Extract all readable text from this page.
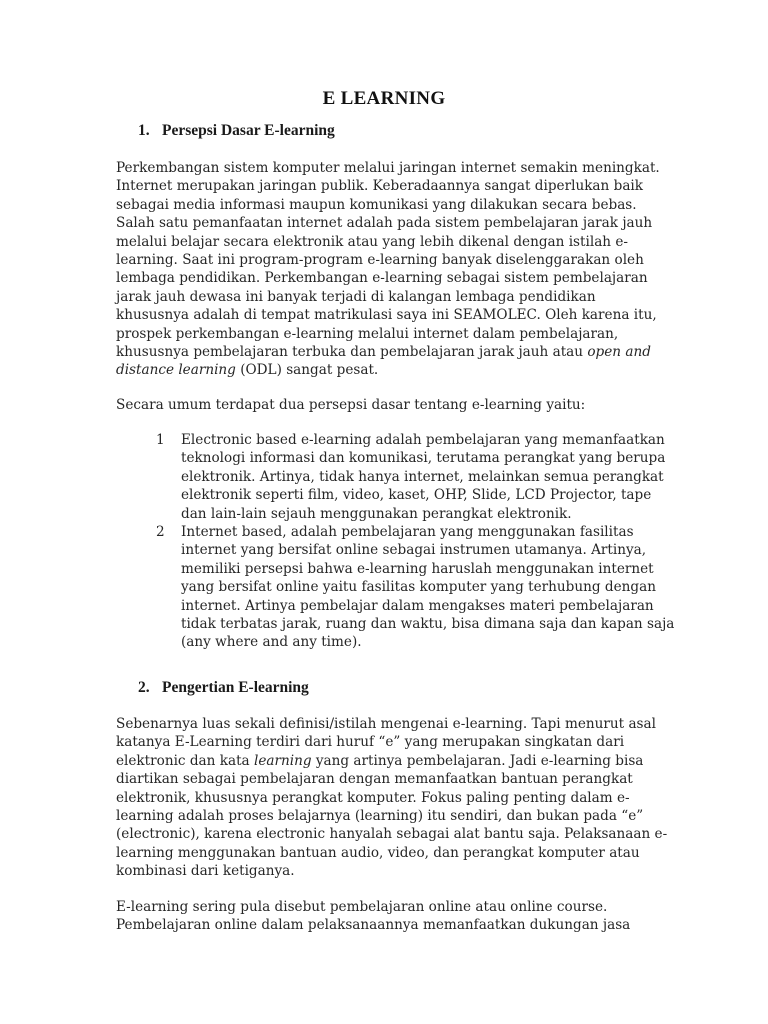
E LEARNING
1. Persepsi Dasar E-learning
Perkembangan sistem komputer melalui jaringan internet semakin meningkat.
Internet merupakan jaringan publik. Keberadaannya sangat diperlukan baik
sebagai media informasi maupun komunikasi yang dilakukan secara bebas.
Salah satu pemanfaatan internet adalah pada sistem pembelajaran jarak jauh
melalui belajar secara elektronik atau yang lebih dikenal dengan istilah e-
learning. Saat ini program-program e-learning banyak diselenggarakan oleh
lembaga pendidikan. Perkembangan e-learning sebagai sistem pembelajaran
jarak jauh dewasa ini banyak terjadi di kalangan lembaga pendidikan
khususnya adalah di tempat matrikulasi saya ini SEAMOLEC. Oleh karena itu,
prospek perkembangan e-learning melalui internet dalam pembelajaran,
khususnya pembelajaran terbuka dan pembelajaran jarak jauh atau open and
distance learning (ODL) sangat pesat.
Secara umum terdapat dua persepsi dasar tentang e-learning yaitu:
1 Electronic based e-learning adalah pembelajaran yang memanfaatkan
teknologi informasi dan komunikasi, terutama perangkat yang berupa
elektronik. Artinya, tidak hanya internet, melainkan semua perangkat
elektronik seperti film, video, kaset, OHP, Slide, LCD Projector, tape
dan lain-lain sejauh menggunakan perangkat elektronik.
2 Internet based, adalah pembelajaran yang menggunakan fasilitas
internet yang bersifat online sebagai instrumen utamanya. Artinya,
memiliki persepsi bahwa e-learning haruslah menggunakan internet
yang bersifat online yaitu fasilitas komputer yang terhubung dengan
internet. Artinya pembelajar dalam mengakses materi pembelajaran
tidak terbatas jarak, ruang dan waktu, bisa dimana saja dan kapan saja
(any where and any time).
2. Pengertian E-learning
Sebenarnya luas sekali definisi/istilah mengenai e-learning. Tapi menurut asal
katanya E-Learning terdiri dari huruf “e” yang merupakan singkatan dari
elektronic dan kata learning yang artinya pembelajaran. Jadi e-learning bisa
diartikan sebagai pembelajaran dengan memanfaatkan bantuan perangkat
elektronik, khususnya perangkat komputer. Fokus paling penting dalam e-
learning adalah proses belajarnya (learning) itu sendiri, dan bukan pada “e”
(electronic), karena electronic hanyalah sebagai alat bantu saja. Pelaksanaan e-
learning menggunakan bantuan audio, video, dan perangkat komputer atau
kombinasi dari ketiganya.
E-learning sering pula disebut pembelajaran online atau online course.
Pembelajaran online dalam pelaksanaannya memanfaatkan dukungan jasa
